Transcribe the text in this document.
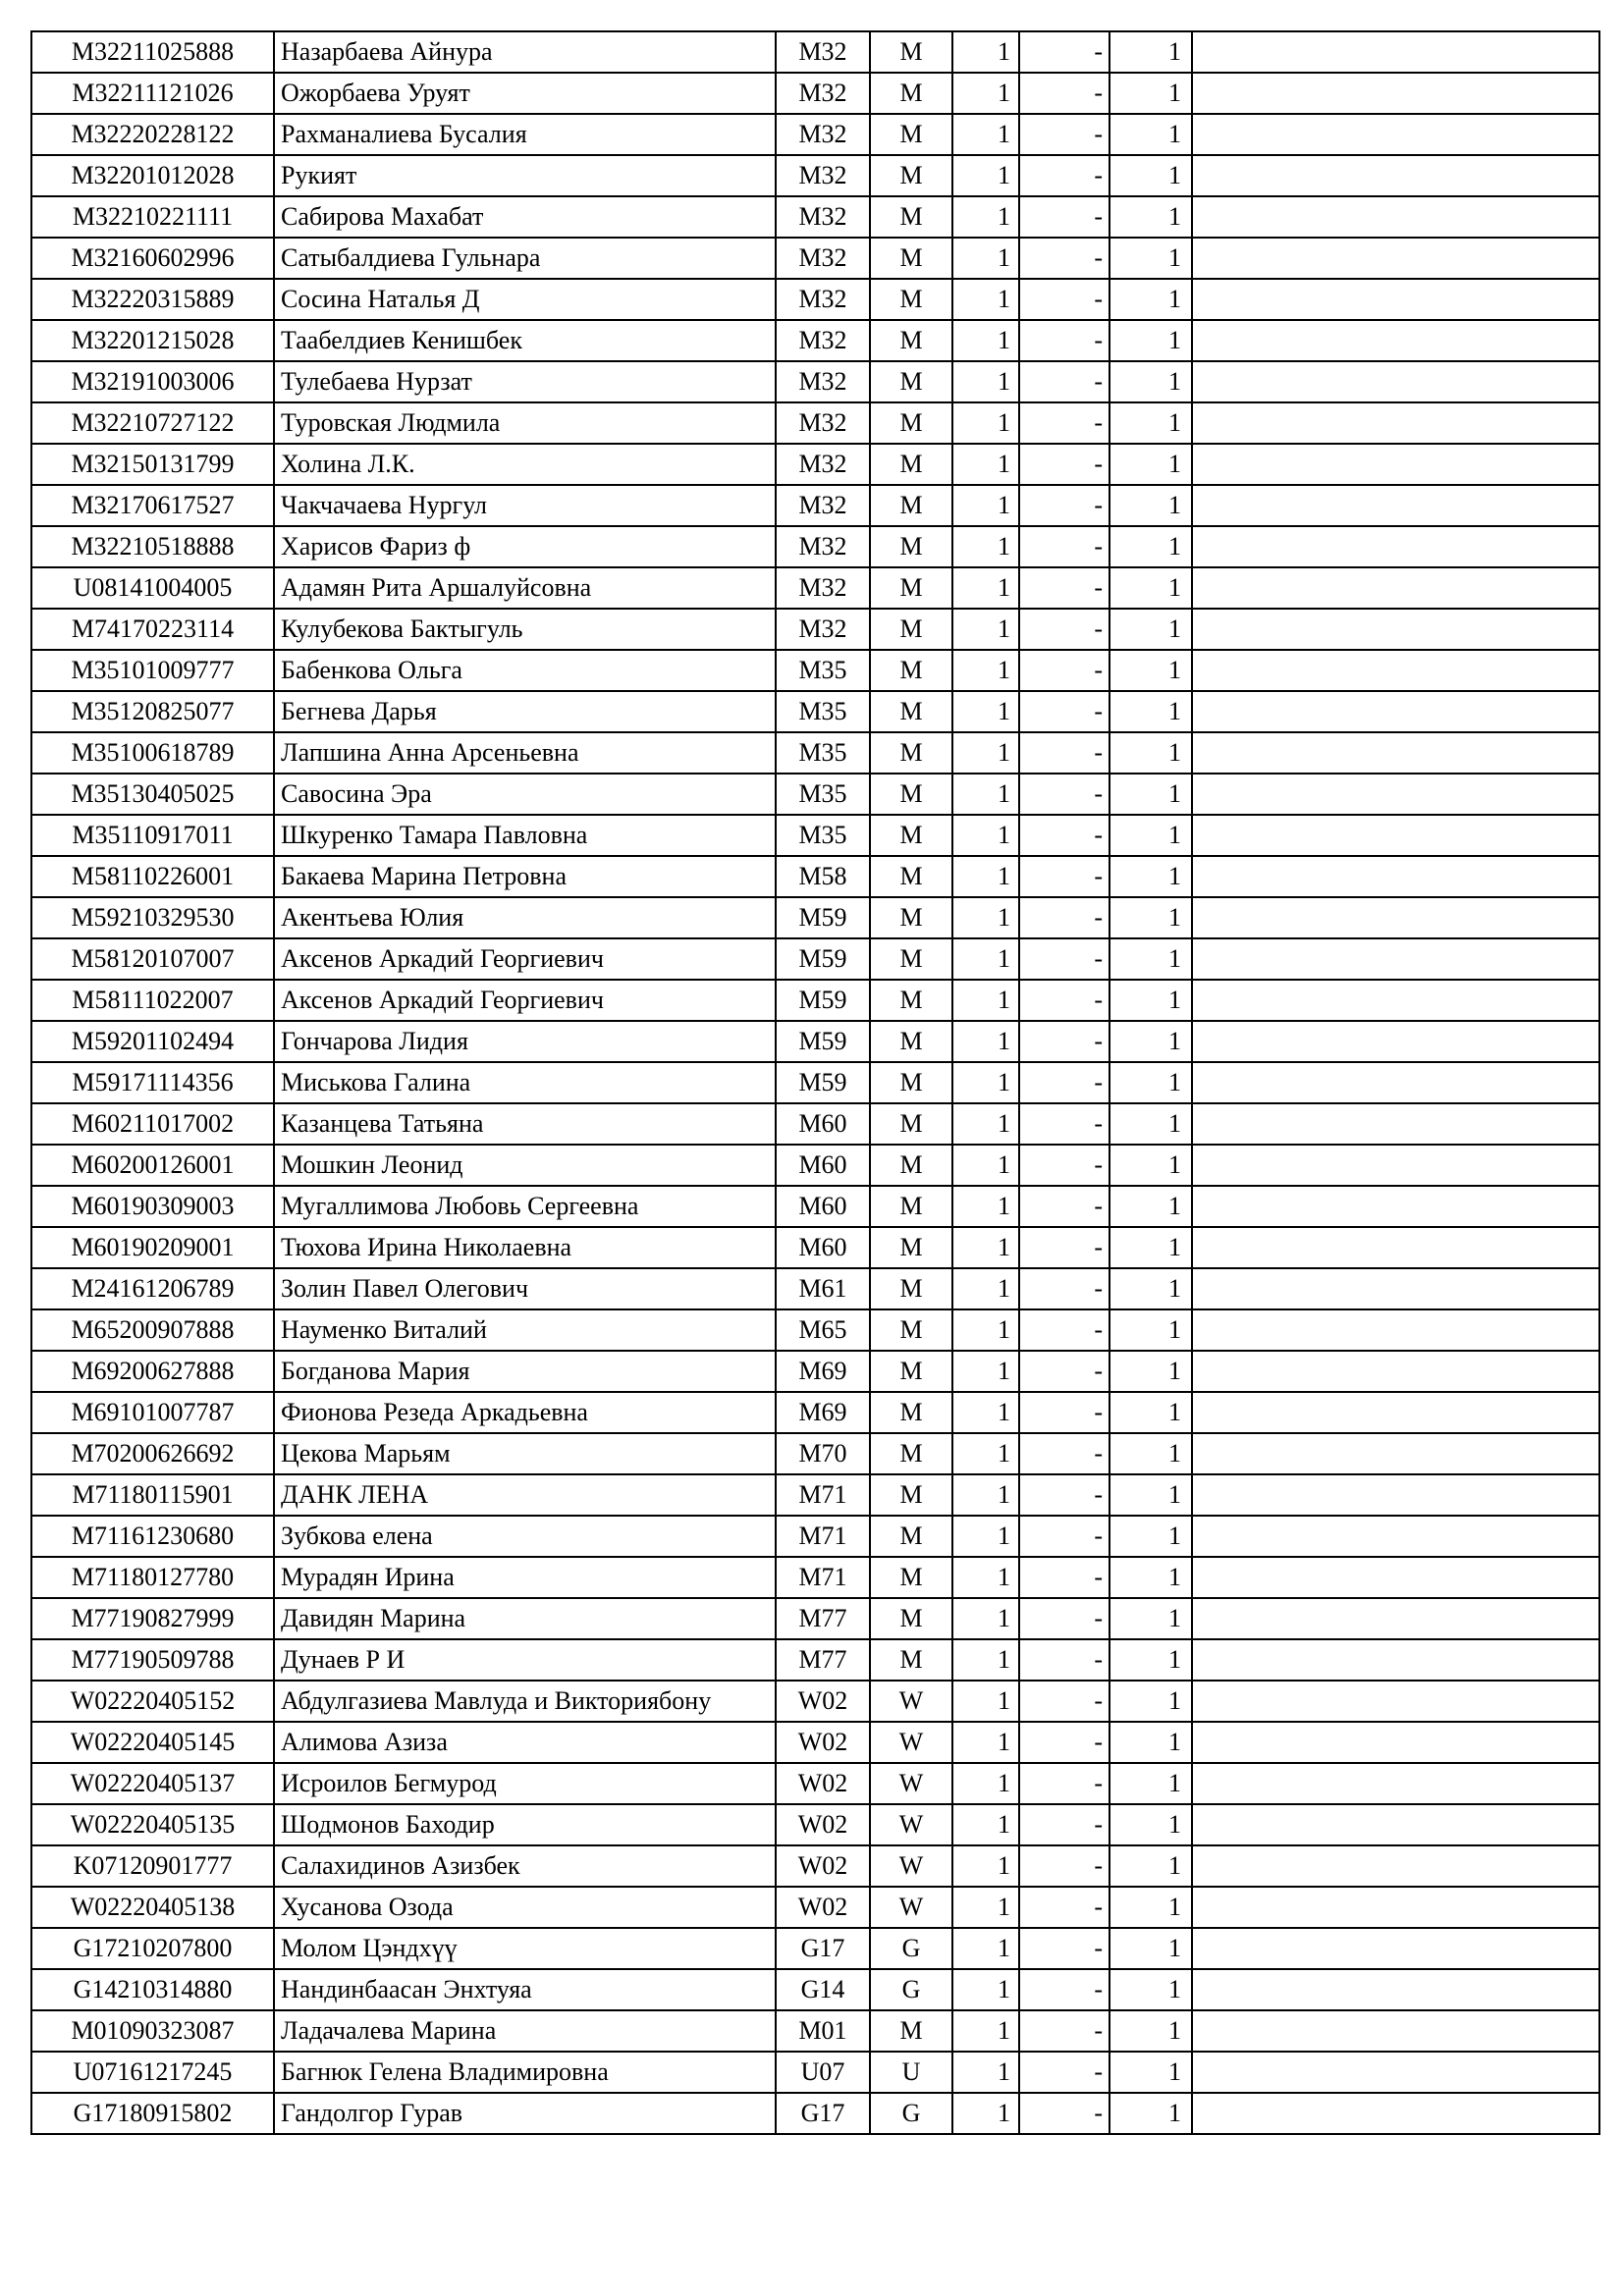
M32211025888	Назарбаева Айнура	M32	M	1	-	1	
M32211121026	Ожорбаева Уруят	M32	M	1	-	1	
M32220228122	Рахманалиева Бусалия	M32	M	1	-	1	
M32201012028	Рукият	M32	M	1	-	1	
M32210221111	Сабирова Махабат	M32	M	1	-	1	
M32160602996	Сатыбалдиева Гульнара	M32	M	1	-	1	
M32220315889	Сосина Наталья Д	M32	M	1	-	1	
M32201215028	Таабелдиев Кенишбек	M32	M	1	-	1	
M32191003006	Тулебаева Нурзат	M32	M	1	-	1	
M32210727122	Туровская Людмила	M32	M	1	-	1	
M32150131799	Холина Л.К.	M32	M	1	-	1	
M32170617527	Чакчачаева Нургул	M32	M	1	-	1	
M32210518888	Харисов Фариз ф	M32	M	1	-	1	
U08141004005	Адамян Рита Аршалуйсовна	M32	M	1	-	1	
M74170223114	Кулубекова Бактыгуль	M32	M	1	-	1	
M35101009777	Бабенкова Ольга	M35	M	1	-	1	
M35120825077	Бегнева Дарья	M35	M	1	-	1	
M35100618789	Лапшина Анна Арсеньевна	M35	M	1	-	1	
M35130405025	Савосина Эра	M35	M	1	-	1	
M35110917011	Шкуренко Тамара Павловна	M35	M	1	-	1	
M58110226001	Бакаева Марина Петровна	M58	M	1	-	1	
M59210329530	Акентьева Юлия	M59	M	1	-	1	
M58120107007	Аксенов Аркадий Георгиевич	M59	M	1	-	1	
M58111022007	Аксенов Аркадий Георгиевич	M59	M	1	-	1	
M59201102494	Гончарова Лидия	M59	M	1	-	1	
M59171114356	Миськова Галина	M59	M	1	-	1	
M60211017002	Казанцева Татьяна	M60	M	1	-	1	
M60200126001	Мошкин Леонид	M60	M	1	-	1	
M60190309003	Мугаллимова Любовь Сергеевна	M60	M	1	-	1	
M60190209001	Тюхова Ирина Николаевна	M60	M	1	-	1	
M24161206789	Золин Павел Олегович	M61	M	1	-	1	
M65200907888	Науменко Виталий	M65	M	1	-	1	
M69200627888	Богданова Мария	M69	M	1	-	1	
M69101007787	Фионова Резеда Аркадьевна	M69	M	1	-	1	
M70200626692	Цекова Марьям	M70	M	1	-	1	
M71180115901	ДАНК ЛЕНА	M71	M	1	-	1	
M71161230680	Зубкова елена	M71	M	1	-	1	
M71180127780	Мурадян Ирина	M71	M	1	-	1	
M77190827999	Давидян Марина	M77	M	1	-	1	
M77190509788	Дунаев Р И	M77	M	1	-	1	
W02220405152	Абдулгазиева Мавлуда и Викториябону	W02	W	1	-	1	
W02220405145	Алимова Азиза	W02	W	1	-	1	
W02220405137	Исроилов Бегмурод	W02	W	1	-	1	
W02220405135	Шодмонов Баходир	W02	W	1	-	1	
K07120901777	Салахидинов Азизбек	W02	W	1	-	1	
W02220405138	Хусанова Озода	W02	W	1	-	1	
G17210207800	Молом Цэндхүү	G17	G	1	-	1	
G14210314880	Нандинбаасан Энхтуяа	G14	G	1	-	1	
M01090323087	Ладачалева Марина	M01	M	1	-	1	
U07161217245	Багнюк Гелена Владимировна	U07	U	1	-	1	
G17180915802	Гандолгор Гурав	G17	G	1	-	1	
